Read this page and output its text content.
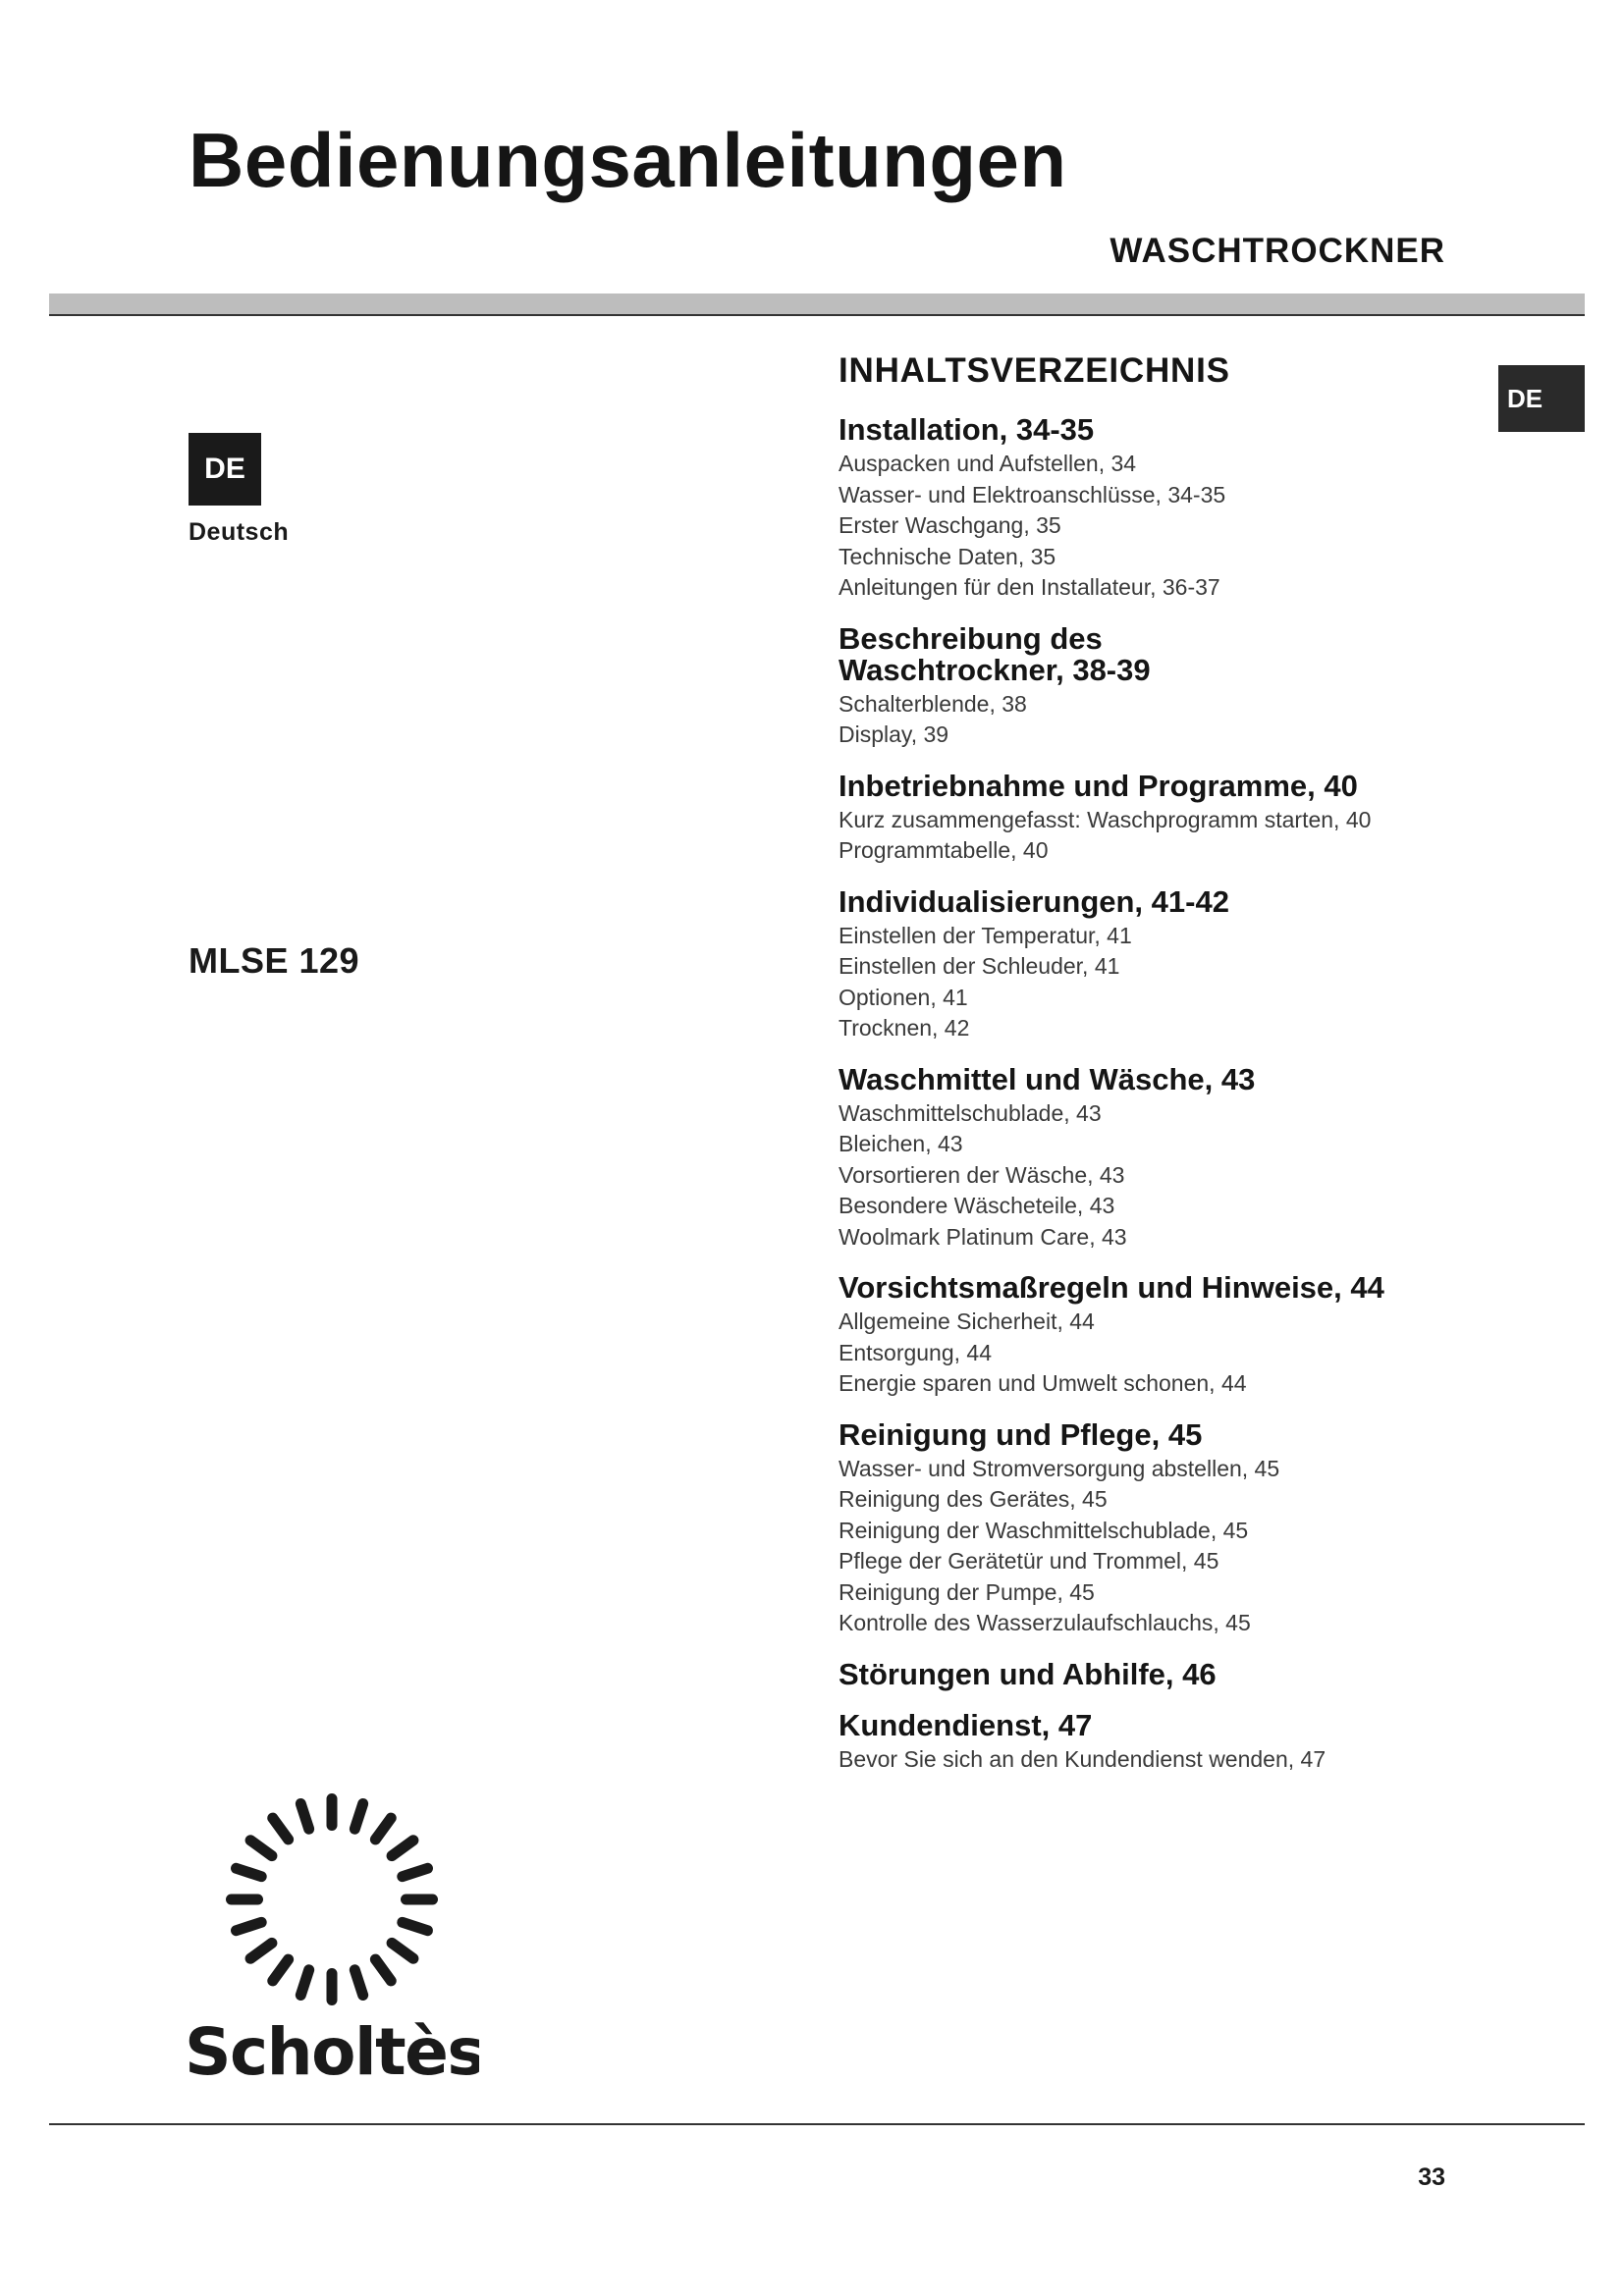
Bedienungsanleitungen
WASCHTROCKNER
DE
Deutsch
MLSE 129
DE
INHALTSVERZEICHNIS
Installation, 34-35
Auspacken und Aufstellen, 34
Wasser- und Elektroanschlüsse, 34-35
Erster Waschgang, 35
Technische Daten, 35
Anleitungen für den Installateur, 36-37
Beschreibung des Waschtrockner, 38-39
Schalterblende, 38
Display, 39
Inbetriebnahme und Programme, 40
Kurz zusammengefasst: Waschprogramm starten, 40
Programmtabelle, 40
Individualisierungen, 41-42
Einstellen der Temperatur, 41
Einstellen der Schleuder, 41
Optionen, 41
Trocknen, 42
Waschmittel und Wäsche, 43
Waschmittelschublade, 43
Bleichen, 43
Vorsortieren der Wäsche, 43
Besondere Wäscheteile, 43
Woolmark Platinum Care, 43
Vorsichtsmaßregeln und Hinweise, 44
Allgemeine Sicherheit, 44
Entsorgung, 44
Energie sparen und Umwelt schonen, 44
Reinigung und Pflege, 45
Wasser- und Stromversorgung abstellen, 45
Reinigung des Gerätes, 45
Reinigung der Waschmittelschublade, 45
Pflege der Gerätetür und Trommel, 45
Reinigung der Pumpe, 45
Kontrolle des Wasserzulaufschlauchs, 45
Störungen und Abhilfe, 46
Kundendienst, 47
Bevor Sie sich an den Kundendienst wenden, 47
Scholtès
33
